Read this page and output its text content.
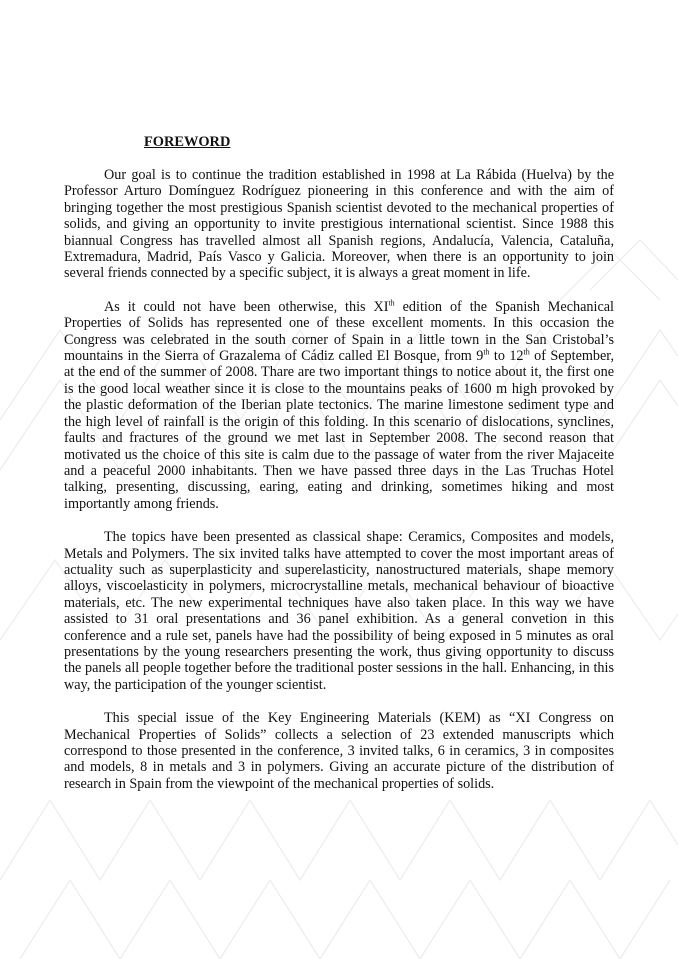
FOREWORD

Our goal is to continue the tradition established in 1998 at La Rábida (Huelva) by the Professor Arturo Domínguez Rodríguez pioneering in this conference and with the aim of bringing together the most prestigious Spanish scientist devoted to the mechanical properties of solids, and giving an opportunity to invite prestigious international scientist. Since 1988 this biannual Congress has travelled almost all Spanish regions, Andalucía, Valencia, Cataluña, Extremadura, Madrid, País Vasco y Galicia. Moreover, when there is an opportunity to join several friends connected by a specific subject, it is always a great moment in life.

As it could not have been otherwise, this XIth edition of the Spanish Mechanical Properties of Solids has represented one of these excellent moments. In this occasion the Congress was celebrated in the south corner of Spain in a little town in the San Cristobal’s mountains in the Sierra of Grazalema of Cádiz called El Bosque, from 9th to 12th of September, at the end of the summer of 2008. Thare are two important things to notice about it, the first one is the good local weather since it is close to the mountains peaks of 1600 m high provoked by the plastic deformation of the Iberian plate tectonics. The marine limestone sediment type and the high level of rainfall is the origin of this folding. In this scenario of dislocations, synclines, faults and fractures of the ground we met last in September 2008. The second reason that motivated us the choice of this site is calm due to the passage of water from the river Majaceite and a peaceful 2000 inhabitants. Then we have passed three days in the Las Truchas Hotel talking, presenting, discussing, earing, eating and drinking, sometimes hiking and most importantly among friends.

The topics have been presented as classical shape: Ceramics, Composites and models, Metals and Polymers. The six invited talks have attempted to cover the most important areas of actuality such as superplasticity and superelasticity, nanostructured materials, shape memory alloys, viscoelasticity in polymers, microcrystalline metals, mechanical behaviour of bioactive materials, etc. The new experimental techniques have also taken place. In this way we have assisted to 31 oral presentations and 36 panel exhibition. As a general convetion in this conference and a rule set, panels have had the possibility of being exposed in 5 minutes as oral presentations by the young researchers presenting the work, thus giving opportunity to discuss the panels all people together before the traditional poster sessions in the hall. Enhancing, in this way, the participation of the younger scientist.

This special issue of the Key Engineering Materials (KEM) as “XI Congress on Mechanical Properties of Solids” collects a selection of 23 extended manuscripts which correspond to those presented in the conference, 3 invited talks, 6 in ceramics, 3 in composites and models, 8 in metals and 3 in polymers. Giving an accurate picture of the distribution of research in Spain from the viewpoint of the mechanical properties of solids.
